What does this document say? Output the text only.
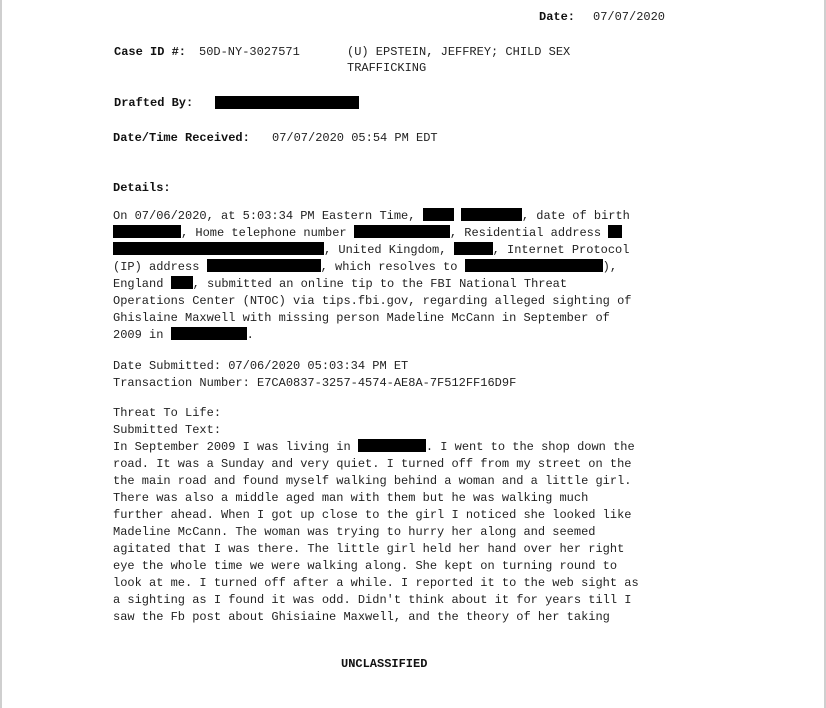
Date: 07/07/2020
Case ID #: 50D-NY-3027571	(U) EPSTEIN, JEFFREY; CHILD SEX
TRAFFICKING
Drafted By:
Date/Time Received: 07/07/2020 05:54 PM EDT
Details:
On 07/06/2020, at 5:03:34 PM Eastern Time,	, date of birth
, Home telephone number	, Residential address
, United Kingdom,	, Internet Protocol
(IP) address	, which resolves to	),
England , submitted an online tip to the FBI National Threat
Operations Center (NTOC) via tips.fbi.gov, regarding alleged sighting of
Ghislaine Maxwell with missing person Madeline McCann in September of
2009 in	.
Date Submitted: 07/06/2020 05:03:34 PM ET
Transaction Number: E7CA0837-3257-4574-AE8A-7F512FF16D9F
Threat To Life:
Submitted Text:
In September 2009 I was living in	. I went to the shop down the
road. It was a Sunday and very quiet. I turned off from my street on the
the main road and found myself walking behind a woman and a little girl.
There was also a middle aged man with them but he was walking much
further ahead. When I got up close to the girl I noticed she looked like
Madeline McCann. The woman was trying to hurry her along and seemed
agitated that I was there. The little girl held her hand over her right
eye the whole time we were walking along. She kept on turning round to
look at me. I turned off after a while. I reported it to the web sight as
a sighting as I found it was odd. Didn't think about it for years till I
saw the Fb post about Ghisiaine Maxwell, and the theory of her taking
UNCLASSIFIED
